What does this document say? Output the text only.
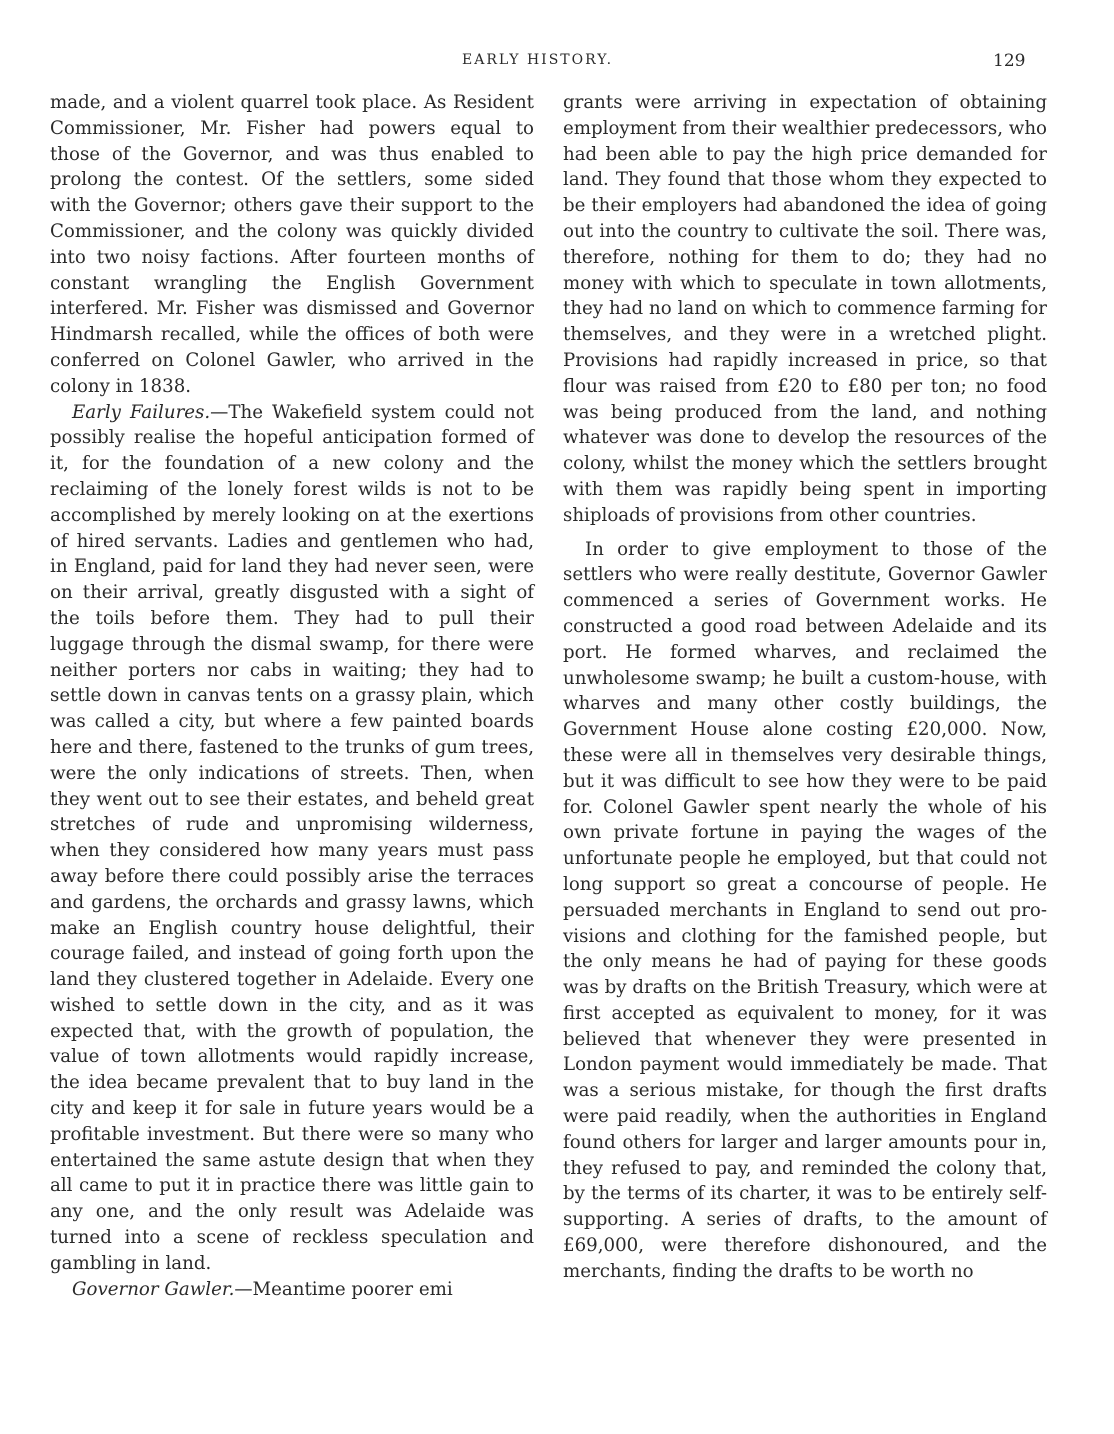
EARLY HISTORY.	129

made, and a violent quarrel took place. As Resident Commissioner, Mr. Fisher had powers equal to those of the Governor, and was thus enabled to prolong the contest. Of the settlers, some sided with the Governor; others gave their support to the Commissioner, and the colony was quickly divided into two noisy factions. After fourteen months of constant wrangling the English Government interfered. Mr. Fisher was dismissed and Governor Hindmarsh recalled, while the offices of both were conferred on Colonel Gawler, who arrived in the colony in 1838.

Early Failures.—The Wakefield system could not possibly realise the hopeful anticipation formed of it, for the foundation of a new colony and the reclaiming of the lonely forest wilds is not to be accomplished by merely looking on at the exertions of hired servants. Ladies and gentlemen who had, in England, paid for land they had never seen, were on their arrival, greatly disgusted with a sight of the toils before them. They had to pull their luggage through the dismal swamp, for there were neither porters nor cabs in waiting; they had to settle down in canvas tents on a grassy plain, which was called a city, but where a few painted boards here and there, fastened to the trunks of gum trees, were the only indications of streets. Then, when they went out to see their estates, and beheld great stretches of rude and unpromising wilderness, when they considered how many years must pass away before there could possibly arise the terraces and gardens, the orchards and grassy lawns, which make an English country house delightful, their courage failed, and instead of going forth upon the land they clustered together in Adelaide. Every one wished to settle down in the city, and as it was expected that, with the growth of population, the value of town allotments would rapidly increase, the idea became prevalent that to buy land in the city and keep it for sale in future years would be a profitable investment. But there were so many who entertained the same astute design that when they all came to put it in practice there was little gain to any one, and the only result was Adelaide was turned into a scene of reckless speculation and gambling in land.

Governor Gawler.—Meantime poorer emi

grants were arriving in expectation of obtaining employment from their wealthier predecessors, who had been able to pay the high price demanded for land. They found that those whom they expected to be their employers had abandoned the idea of going out into the country to cultivate the soil. There was, therefore, nothing for them to do; they had no money with which to speculate in town allotments, they had no land on which to commence farming for themselves, and they were in a wretched plight. Provisions had rapidly increased in price, so that flour was raised from £20 to £80 per ton; no food was being produced from the land, and nothing whatever was done to develop the resources of the colony, whilst the money which the settlers brought with them was rapidly being spent in importing shiploads of provisions from other countries.

In order to give employment to those of the settlers who were really destitute, Governor Gawler commenced a series of Government works. He constructed a good road between Adelaide and its port. He formed wharves, and reclaimed the unwholesome swamp; he built a custom-house, with wharves and many other costly buildings, the Government House alone costing £20,000. Now, these were all in themselves very desirable things, but it was difficult to see how they were to be paid for. Colonel Gawler spent nearly the whole of his own private fortune in paying the wages of the unfortunate people he employed, but that could not long support so great a concourse of people. He persuaded merchants in England to send out provisions and clothing for the famished people, but the only means he had of paying for these goods was by drafts on the British Treasury, which were at first accepted as equivalent to money, for it was believed that whenever they were presented in London payment would immediately be made. That was a serious mistake, for though the first drafts were paid readily, when the authorities in England found others for larger and larger amounts pour in, they refused to pay, and reminded the colony that, by the terms of its charter, it was to be entirely self-supporting. A series of drafts, to the amount of £69,000, were therefore dishonoured, and the merchants, finding the drafts to be worth no
